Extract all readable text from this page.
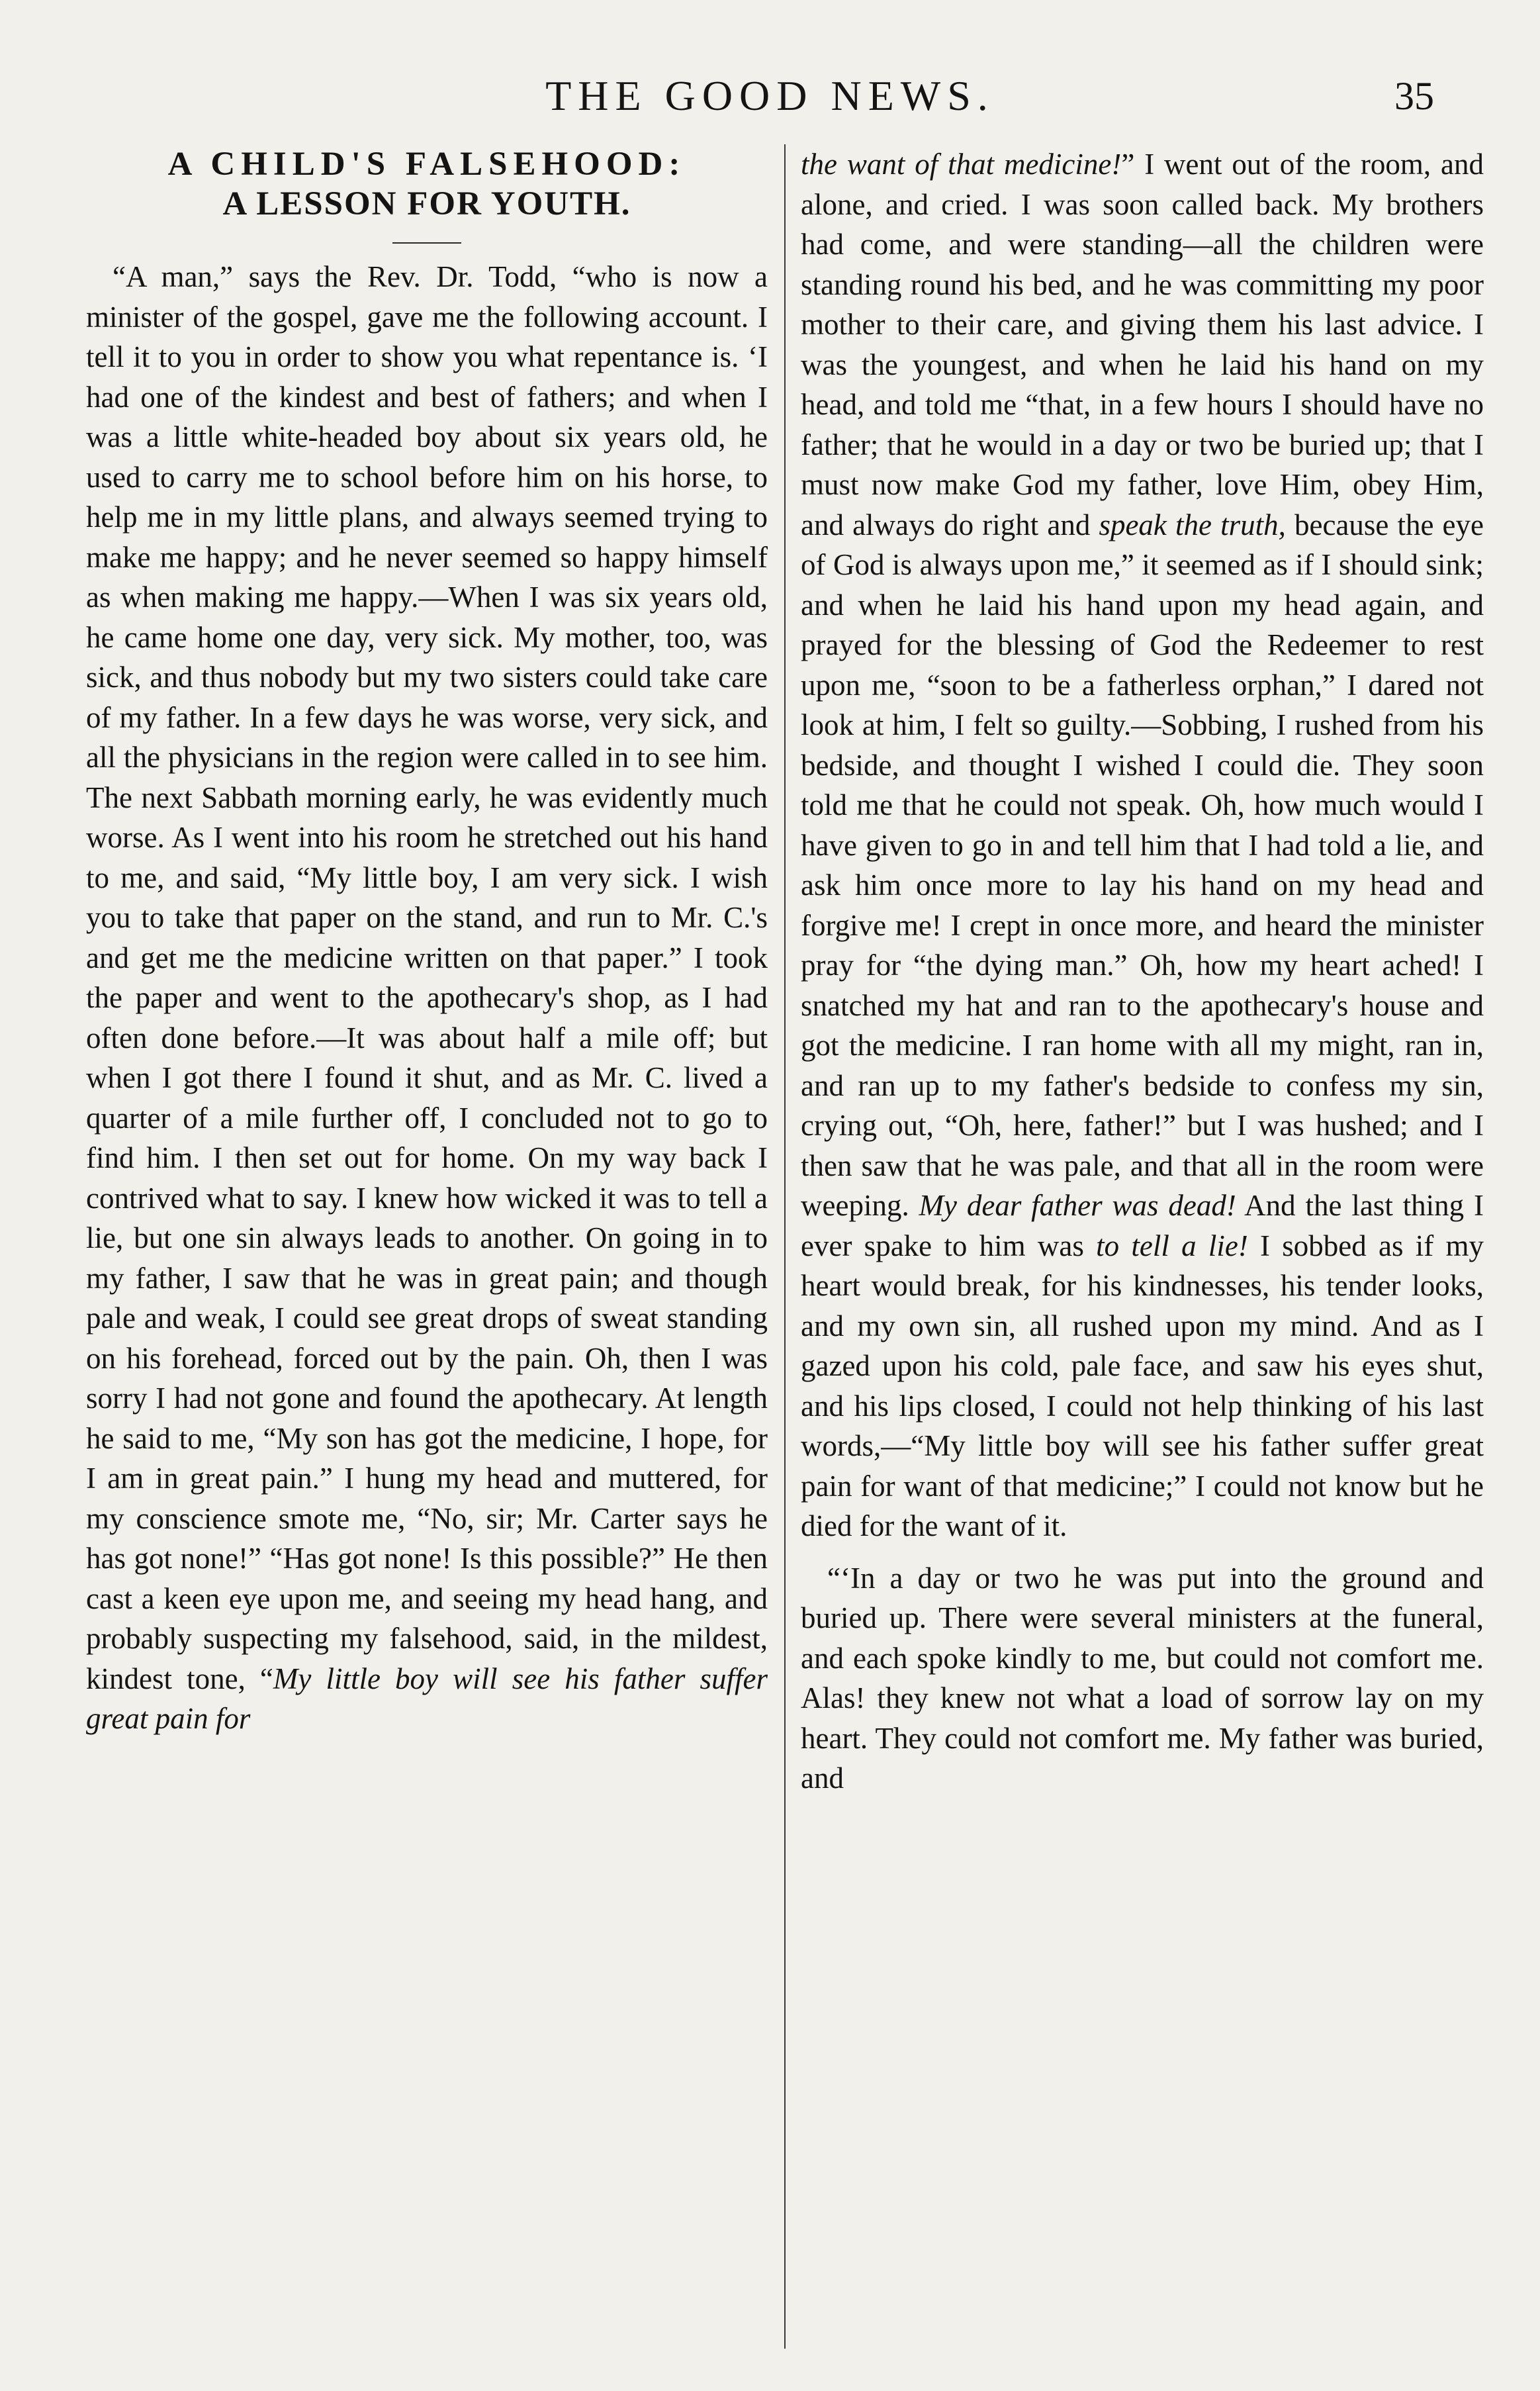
THE GOOD NEWS.	35
A CHILD'S FALSEHOOD:
A LESSON FOR YOUTH.

“A man,” says the Rev. Dr. Todd, “who is now a minister of the gospel, gave me the following account. I tell it to you in order to show you what repentance is. ‘I had one of the kindest and best of fathers; and when I was a little white-headed boy about six years old, he used to carry me to school before him on his horse, to help me in my little plans, and always seemed trying to make me happy; and he never seemed so happy himself as when making me happy.—When I was six years old, he came home one day, very sick. My mother, too, was sick, and thus nobody but my two sisters could take care of my father. In a few days he was worse, very sick, and all the physicians in the region were called in to see him. The next Sabbath morning early, he was evidently much worse. As I went into his room he stretched out his hand to me, and said, “My little boy, I am very sick. I wish you to take that paper on the stand, and run to Mr. C.'s and get me the medicine written on that paper.” I took the paper and went to the apothecary's shop, as I had often done before.—It was about half a mile off; but when I got there I found it shut, and as Mr. C. lived a quarter of a mile further off, I concluded not to go to find him. I then set out for home. On my way back I contrived what to say. I knew how wicked it was to tell a lie, but one sin always leads to another. On going in to my father, I saw that he was in great pain; and though pale and weak, I could see great drops of sweat standing on his forehead, forced out by the pain. Oh, then I was sorry I had not gone and found the apothecary. At length he said to me, “My son has got the medicine, I hope, for I am in great pain.” I hung my head and muttered, for my conscience smote me, “No, sir; Mr. Carter says he has got none!” “Has got none! Is this possible?” He then cast a keen eye upon me, and seeing my head hang, and probably suspecting my falsehood, said, in the mildest, kindest tone, “My little boy will see his father suffer great pain for

the want of that medicine!” I went out of the room, and alone, and cried. I was soon called back. My brothers had come, and were standing—all the children were standing round his bed, and he was committing my poor mother to their care, and giving them his last advice. I was the youngest, and when he laid his hand on my head, and told me “that, in a few hours I should have no father; that he would in a day or two be buried up; that I must now make God my father, love Him, obey Him, and always do right and speak the truth, because the eye of God is always upon me,” it seemed as if I should sink; and when he laid his hand upon my head again, and prayed for the blessing of God the Redeemer to rest upon me, “soon to be a fatherless orphan,” I dared not look at him, I felt so guilty.—Sobbing, I rushed from his bedside, and thought I wished I could die. They soon told me that he could not speak. Oh, how much would I have given to go in and tell him that I had told a lie, and ask him once more to lay his hand on my head and forgive me! I crept in once more, and heard the minister pray for “the dying man.” Oh, how my heart ached! I snatched my hat and ran to the apothecary's house and got the medicine. I ran home with all my might, ran in, and ran up to my father's bedside to confess my sin, crying out, “Oh, here, father!” but I was hushed; and I then saw that he was pale, and that all in the room were weeping. My dear father was dead! And the last thing I ever spake to him was to tell a lie! I sobbed as if my heart would break, for his kindnesses, his tender looks, and my own sin, all rushed upon my mind. And as I gazed upon his cold, pale face, and saw his eyes shut, and his lips closed, I could not help thinking of his last words,—“My little boy will see his father suffer great pain for want of that medicine;” I could not know but he died for the want of it.

“‘In a day or two he was put into the ground and buried up. There were several ministers at the funeral, and each spoke kindly to me, but could not comfort me. Alas! they knew not what a load of sorrow lay on my heart. They could not comfort me. My father was buried, and
